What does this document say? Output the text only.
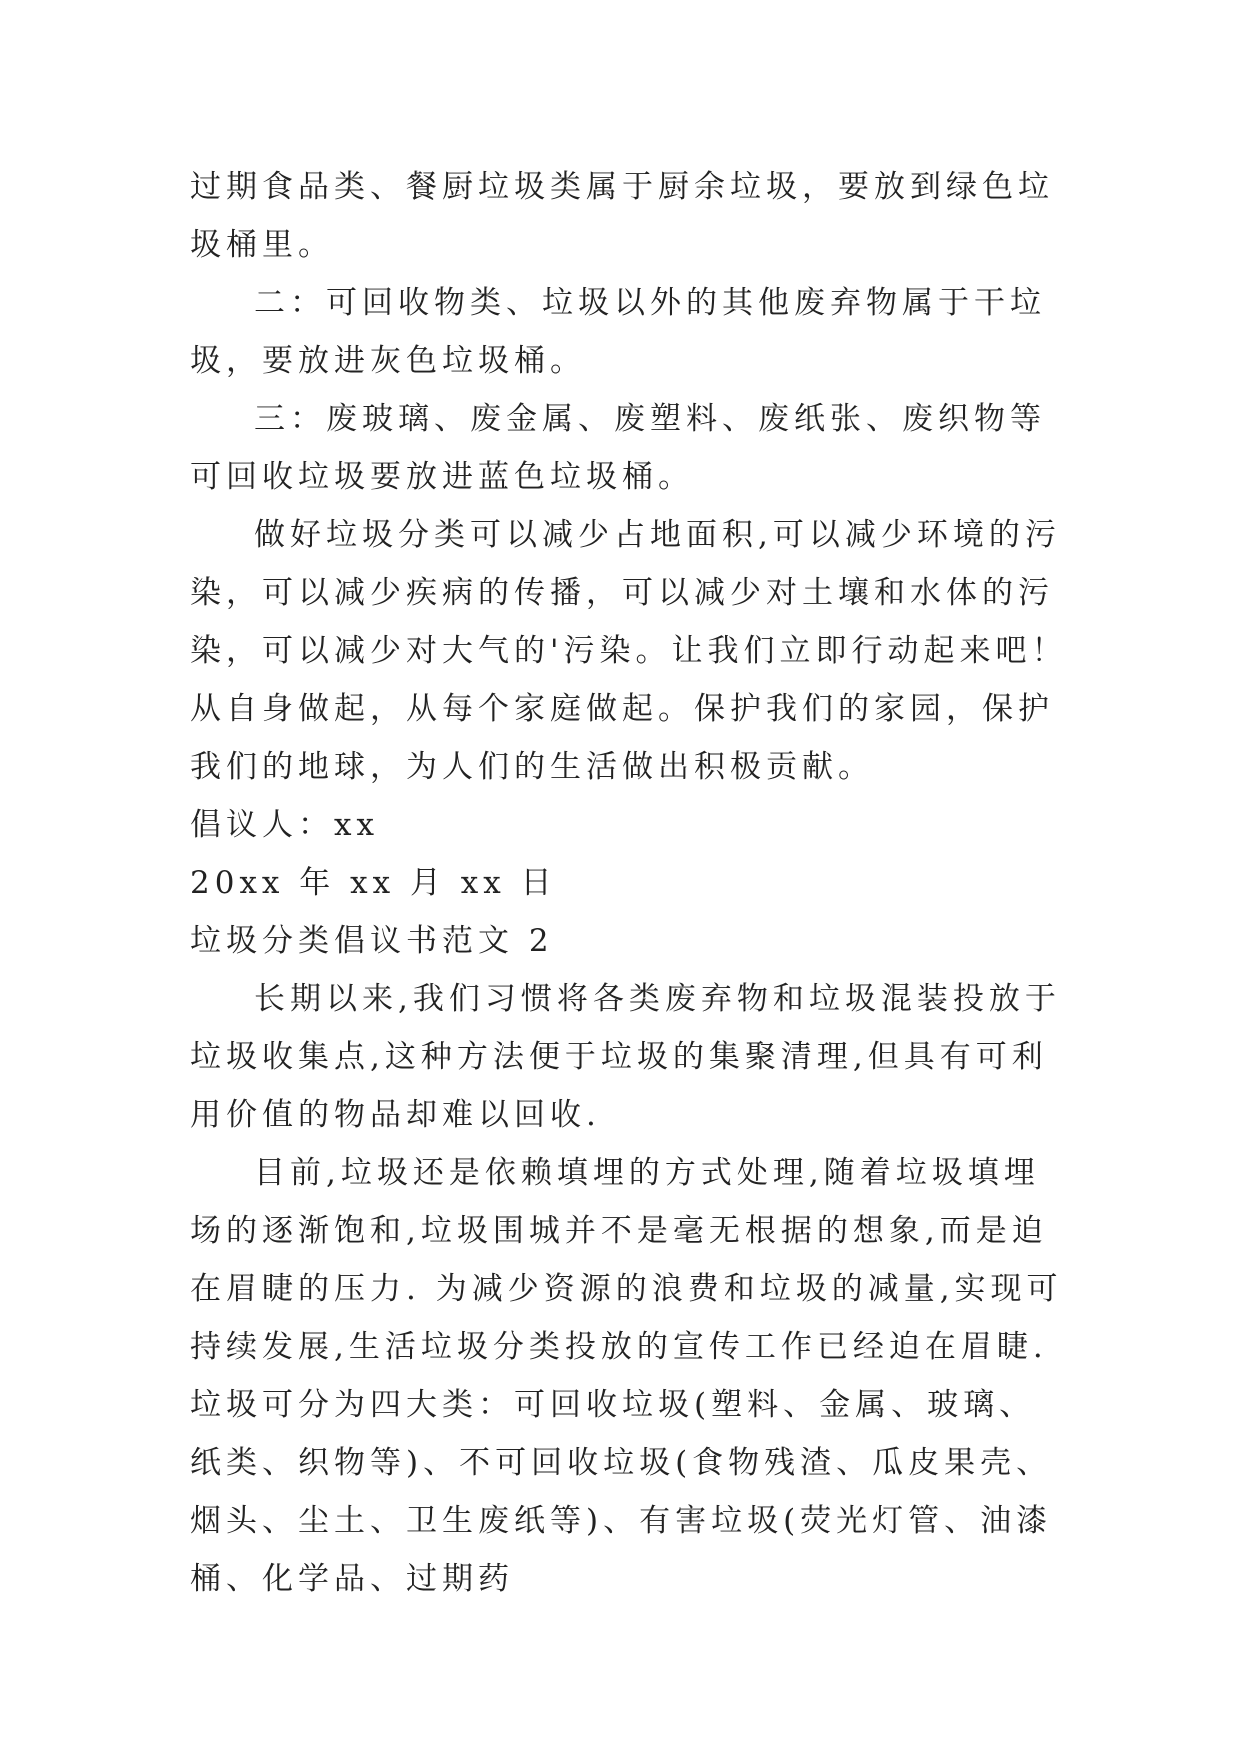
过期食品类、餐厨垃圾类属于厨余垃圾，要放到绿色垃圾桶里。

二：可回收物类、垃圾以外的其他废弃物属于干垃圾，要放进灰色垃圾桶。

三：废玻璃、废金属、废塑料、废纸张、废织物等可回收垃圾要放进蓝色垃圾桶。

做好垃圾分类可以减少占地面积,可以减少环境的污染，可以减少疾病的传播，可以减少对土壤和水体的污染，可以减少对大气的'污染。让我们立即行动起来吧！从自身做起，从每个家庭做起。保护我们的家园，保护我们的地球，为人们的生活做出积极贡献。

倡议人：xx

20xx 年 xx 月 xx 日

垃圾分类倡议书范文 2

长期以来,我们习惯将各类废弃物和垃圾混装投放于垃圾收集点,这种方法便于垃圾的集聚清理,但具有可利用价值的物品却难以回收.

目前,垃圾还是依赖填埋的方式处理,随着垃圾填埋场的逐渐饱和,垃圾围城并不是毫无根据的想象,而是迫在眉睫的压力. 为减少资源的浪费和垃圾的减量,实现可持续发展,生活垃圾分类投放的宣传工作已经迫在眉睫. 垃圾可分为四大类：可回收垃圾(塑料、金属、玻璃、纸类、织物等)、不可回收垃圾(食物残渣、瓜皮果壳、烟头、尘土、卫生废纸等)、有害垃圾(荧光灯管、油漆桶、化学品、过期药
